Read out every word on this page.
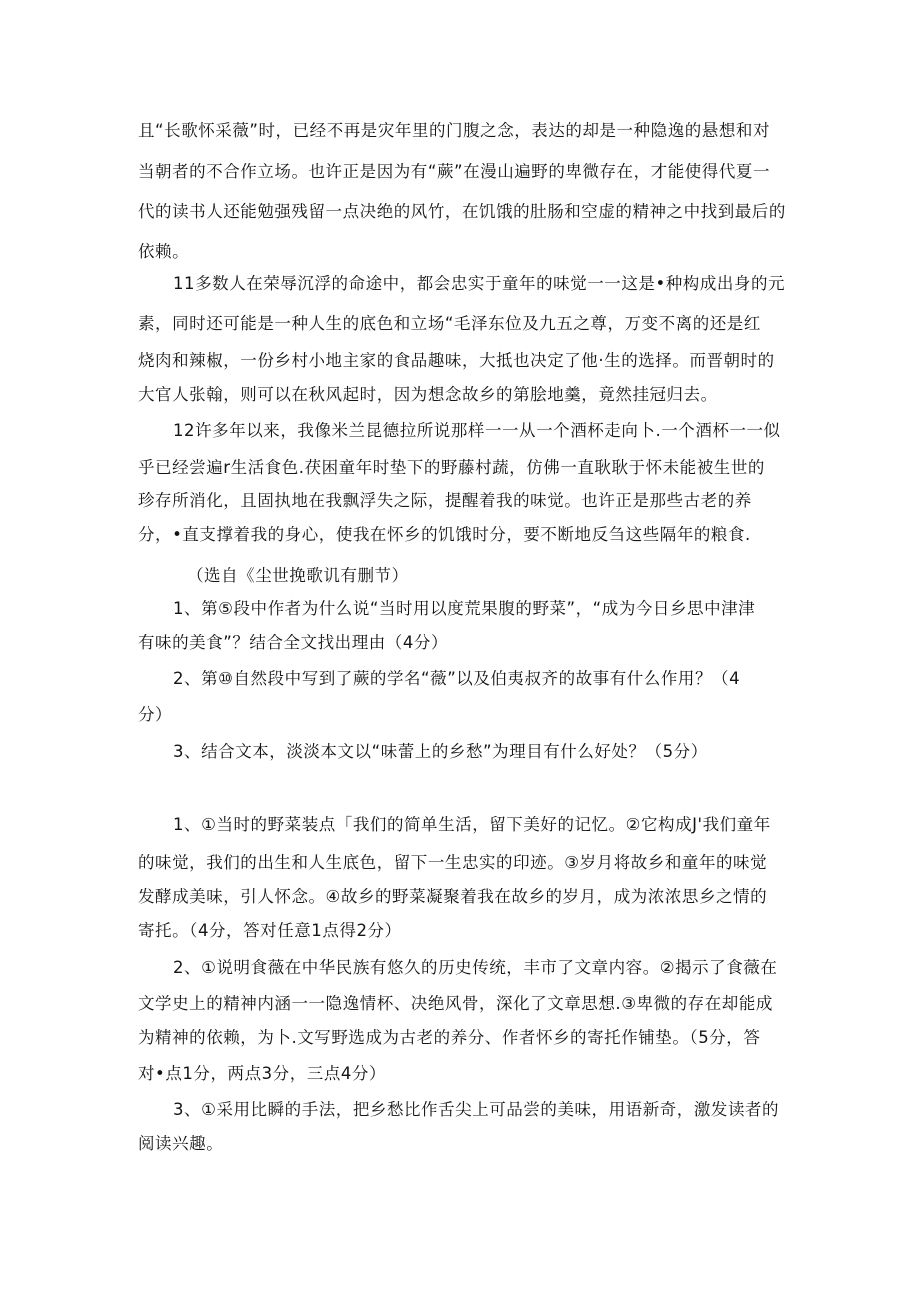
且“长歌怀采薇”时，已经不再是灾年里的门腹之念，表达的却是一种隐逸的悬想和对

当朝者的不合作立场。也许正是因为有“蕨”在漫山遍野的卑微存在，才能使得代夏一

代的读书人还能勉强残留一点决绝的风竹，在饥饿的肚肠和空虚的精神之中找到最后的

依赖。

11多数人在荣辱沉浮的命途中，都会忠实于童年的味觉一一这是•种构成出身的元

素，同时还可能是一种人生的底色和立场“毛泽东位及九五之尊，万变不离的还是红

烧肉和辣椒，一份乡村小地主家的食品趣味，大抵也决定了他·生的选择。而晋朝时的

大官人张翰，则可以在秋风起时，因为想念故乡的第脍地羹，竟然挂冠归去。

12许多年以来，我像米兰昆德拉所说那样一一从一个酒杯走向卜.一个酒杯一一似

乎已经尝遍r生活食色.茯困童年时垫下的野藤村蔬，仿佛一直耿耿于怀未能被生世的

珍存所消化，且固执地在我飘浮失之际，提醒着我的味觉。也许正是那些古老的养

分，•直支撑着我的身心，使我在怀乡的饥饿时分，要不断地反刍这些隔年的粮食.

（选自《尘世挽歌讥有删节）

1、第⑤段中作者为什么说“当时用以度荒果腹的野菜”，“成为今日乡思中津津

有味的美食”？结合全文找出理由（4分）

2、第⑩自然段中写到了蕨的学名“薇”以及伯夷叔齐的故事有什么作用？（4

分）

3、结合文本，淡淡本文以“味蕾上的乡愁”为理目有什么好处？（5分）

1、①当时的野菜装点「我们的简单生活，留下美好的记忆。②它构成J'我们童年

的味觉，我们的出生和人生底色，留下一生忠实的印迹。③岁月将故乡和童年的味觉

发酵成美味，引人怀念。④故乡的野菜凝聚着我在故乡的岁月，成为浓浓思乡之情的

寄托。（4分，答对任意1点得2分）

2、①说明食薇在中华民族有悠久的历史传统，丰市了文章内容。②揭示了食薇在

文学史上的精神内涵一一隐逸情杯、决绝风骨，深化了文章思想.③卑微的存在却能成

为精神的依赖，为卜.文写野选成为古老的养分、作者怀乡的寄托作铺垫。（5分，答

对•点1分，两点3分，三点4分）

3、①采用比瞬的手法，把乡愁比作舌尖上可品尝的美味，用语新奇，激发读者的

阅读兴趣。
